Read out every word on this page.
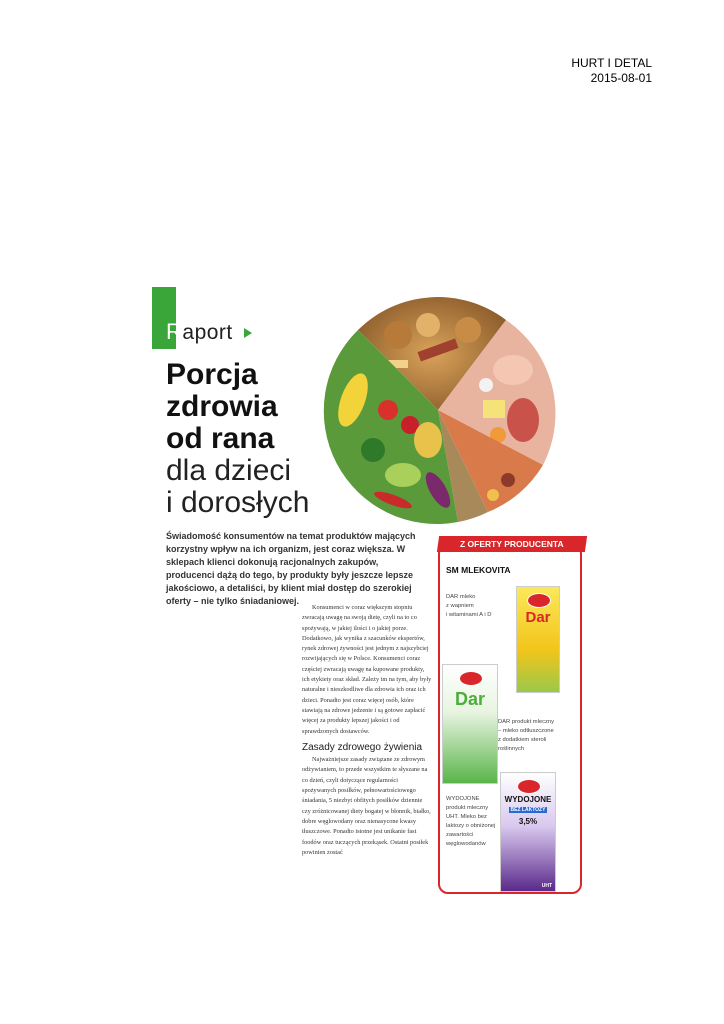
HURT I DETAL
2015-08-01
Raport
Porcja
zdrowia
od rana
dla dzieci
i dorosłych
Świadomość konsumentów na temat produktów mających korzystny wpływ na ich organizm, jest coraz większa. W sklepach klienci dokonują racjonalnych zakupów, producenci dążą do tego, by produkty były jeszcze lepsze jakościowo, a detaliści, by klient miał dostęp do szerokiej oferty – nie tylko śniadaniowej.

Konsumenci w coraz większym stopniu zwracają uwagę na swoją dietę, czyli na to co spożywają, w jakiej ilości i o jakiej porze. Dodatkowo, jak wynika z szacunków ekspertów, rynek zdrowej żywności jest jednym z najszybciej rozwijających się w Polsce. Konsumenci coraz częściej zwracają uwagę na kupowane produkty, ich etykiety oraz skład. Zależy im na tym, aby były naturalne i nieszkodliwe dla zdrowia ich oraz ich dzieci. Ponadto jest coraz więcej osób, które stawiają na zdrowe jedzenie i są gotowe zapłacić więcej za produkty lepszej jakości i od sprawdzonych dostawców.

Zasady zdrowego żywienia

Najważniejsze zasady związane ze zdrowym odżywianiem, to przede wszystkim te słyszane na co dzień, czyli dotyczące regularności spożywanych posiłków, pełnowartościowego śniadania, 5 niezbyt obfitych posiłków dziennie czy zróżnicowanej diety bogatej w błonnik, białko, dobre węglowodany oraz nienasycone kwasy tłuszczowe. Ponadto istotne jest unikanie fast foodów oraz tuczących przekąsek. Ostatni posiłek powinien zostać

Z OFERTY PRODUCENTA
SM MLEKOVITA
DAR mleko
z wapniem
i witaminami A i D	Dar
Dar
DAR produkt mleczny
– mleko odtłuszczone
z dodatkiem steroli
roślinnych
WYDOJONE
produkt mleczny
UHT. Mleko bez
laktozy o obniżonej
zawartości
węglowodanów
WYDOJONE
BEZ LAKTOZY
3,5%
UHT
